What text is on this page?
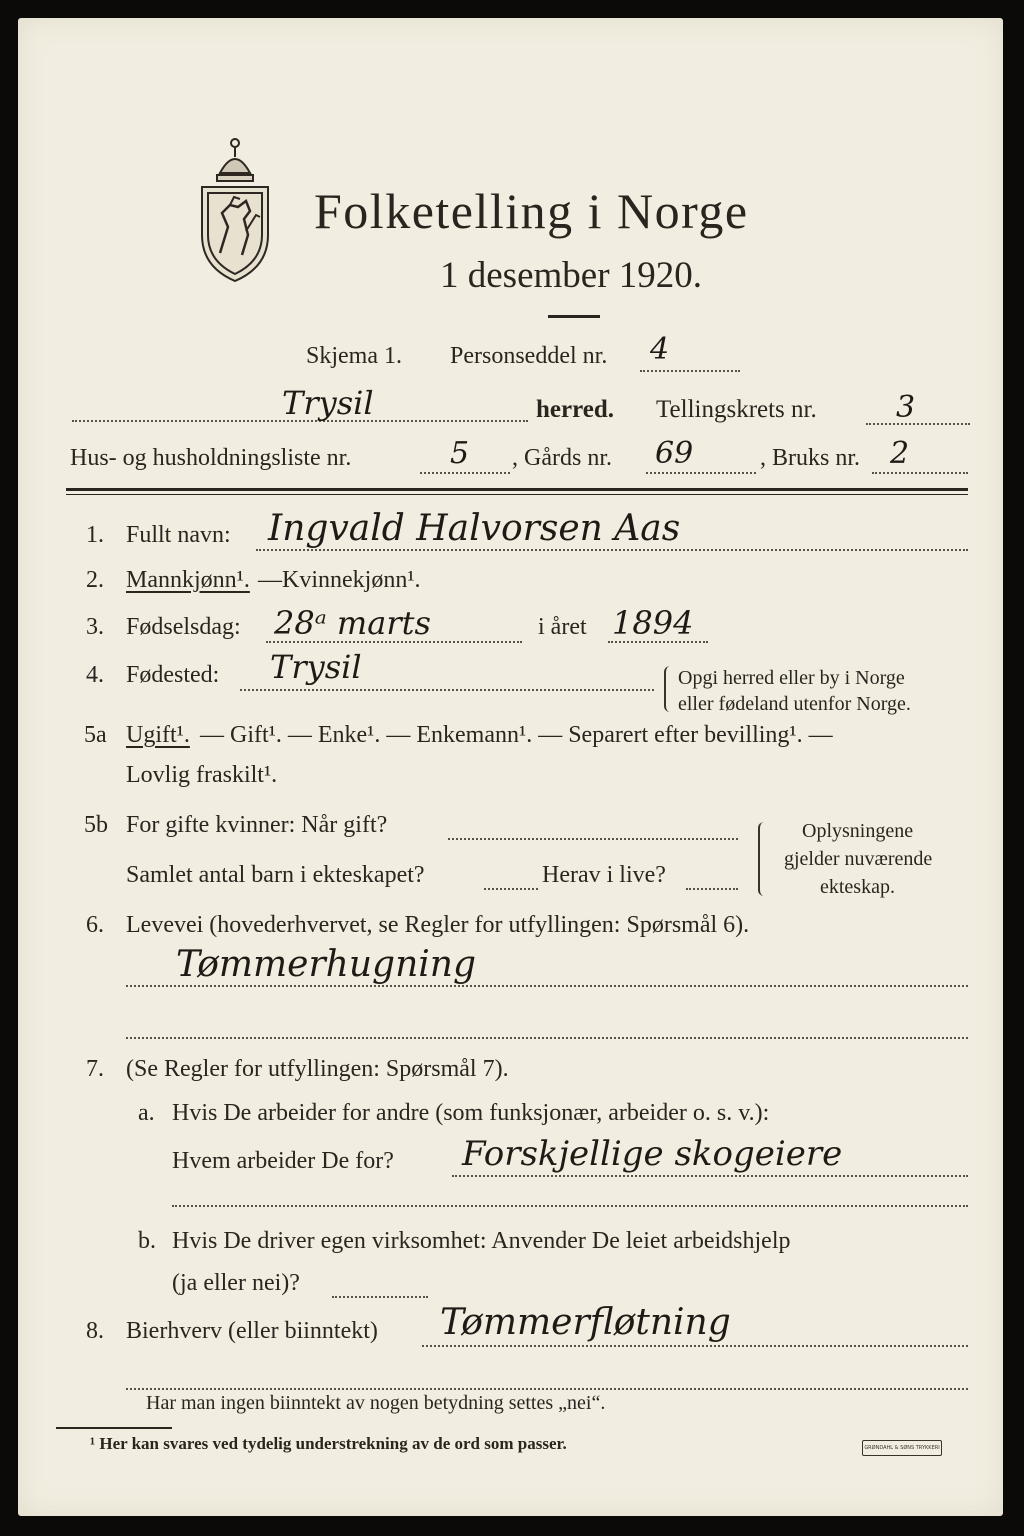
Folketelling i Norge
1 desember 1920.
Skjema 1. Personseddel nr. 4
Trysil	herred. Tellingskrets nr.	3
Hus- og husholdningsliste nr.	5 , Gårds nr. 69	, Bruks nr. 2
1. Fullt navn: Ingvald Halvorsen Aas
2. Mannkjønn¹. — Kvinnekjønn¹.
3. Fødselsdag: 28ᵃ marts	i året 1894
4. Fødested: Trysil	Opgi herred eller by i Norge
eller fødeland utenfor Norge.
5a Ugift¹. — Gift¹. — Enke¹. — Enkemann¹. — Separert efter bevilling¹. —
Lovlig fraskilt¹.
5b For gifte kvinner: Når gift?
Samlet antal barn i ekteskapet?	Herav i live?
Oplysningene
gjelder nuværende
ekteskap.
6. Levevei (hovederhvervet, se Regler for utfyllingen: Spørsmål 6).
Tømmerhugning
7. (Se Regler for utfyllingen: Spørsmål 7).
a. Hvis De arbeider for andre (som funksjonær, arbeider o. s. v.):
Hvem arbeider De for? Forskjellige skogeiere
b. Hvis De driver egen virksomhet: Anvender De leiet arbeidshjelp
(ja eller nei)?
8. Bierhverv (eller biinntekt) Tømmerfløtning
Har man ingen biinntekt av nogen betydning settes „nei“.
¹ Her kan svares ved tydelig understrekning av de ord som passer.	GRØNDAHL & SØNS TRYKKERI
